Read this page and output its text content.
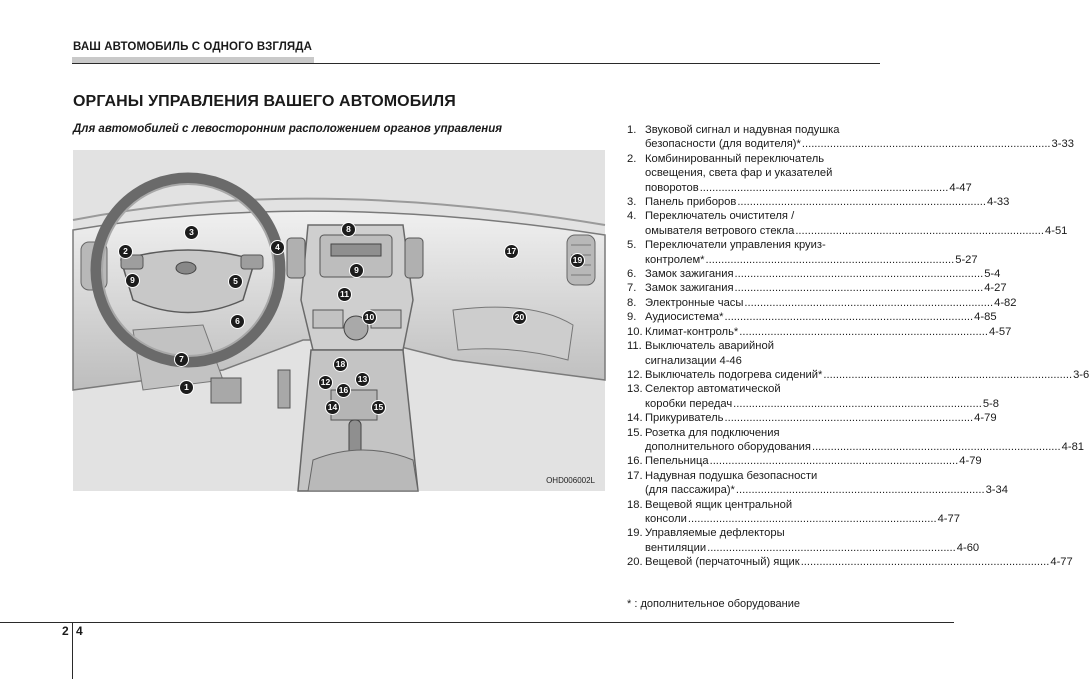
ВАШ АВТОМОБИЛЬ С ОДНОГО ВЗГЛЯДА
ОРГАНЫ УПРАВЛЕНИЯ ВАШЕГО АВТОМОБИЛЯ
Для автомобилей с левосторонним расположением органов управления
OHD006002L
1
2
3
4
5
6
7
8
9
9
10
11
12	13
14	15
16
17
18
19
20
1. Звуковой сигнал и надувная подушка
безопасности (для водителя)* ................................................................................ 3-33
2. Комбинированный переключатель
освещения, света фар и указателей
поворотов ................................................................................ 4-47
3. Панель приборов ................................................................................ 4-33
4. Переключатель очистителя /
омывателя ветрового стекла ................................................................................ 4-51
5. Переключатели управления круиз-
контролем* ................................................................................ 5-27
6. Замок зажигания ................................................................................ 5-4
7. Замок зажигания ................................................................................ 4-27
8. Электронные часы ................................................................................ 4-82
9. Аудиосистема* ................................................................................ 4-85
10. Климат-контроль* ................................................................................ 4-57
11. Выключатель аварийной
сигнализации 4-46
12. Выключатель подогрева сидений* ................................................................................ 3-6
13. Селектор автоматической
коробки передач ................................................................................ 5-8
14. Прикуриватель ................................................................................ 4-79
15. Розетка для подключения
дополнительного оборудования ................................................................................ 4-81
16. Пепельница ................................................................................ 4-79
17. Надувная подушка безопасности
(для пассажира)* ................................................................................ 3-34
18. Вещевой ящик центральной
консоли ................................................................................ 4-77
19. Управляемые дефлекторы
вентиляции ................................................................................ 4-60
20. Вещевой (перчаточный) ящик ................................................................................ 4-77
* : дополнительное оборудование
2 4
